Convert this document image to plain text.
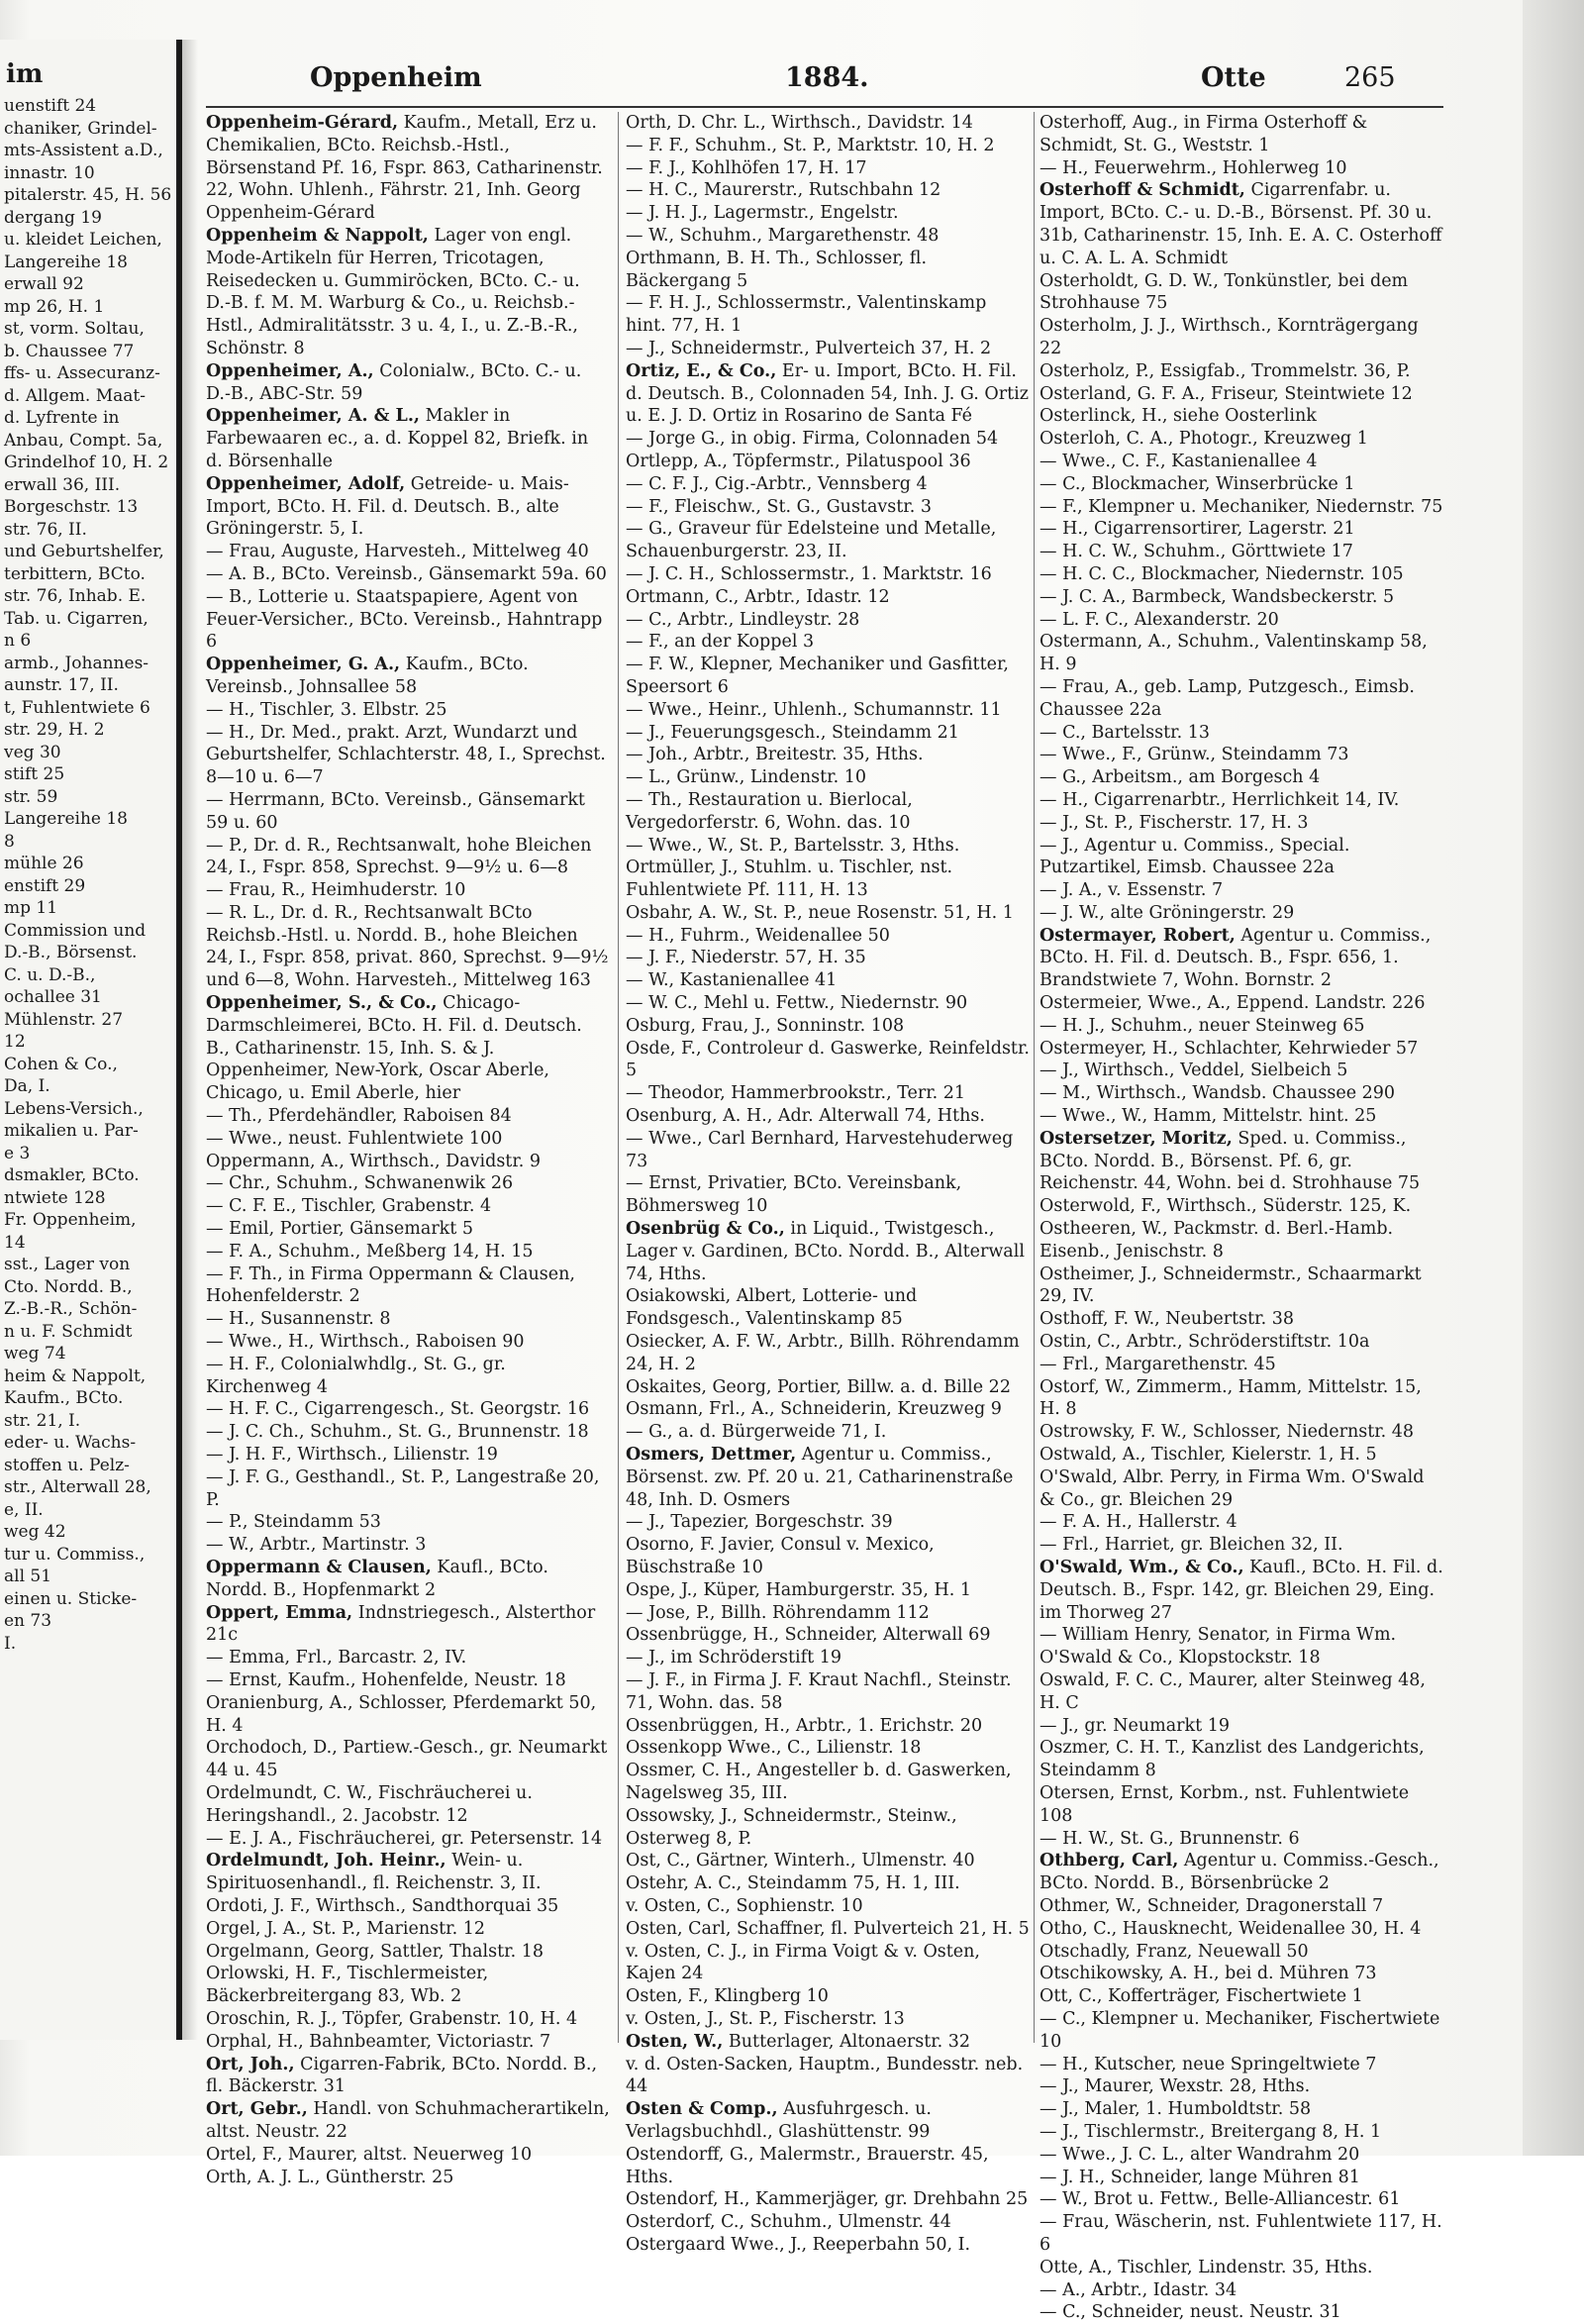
im
uenstift 24
chaniker, Grindel-
mts-Assistent a.D.,
innastr. 10
pitalerstr. 45, H. 56
dergang 19
u. kleidet Leichen,
Langereihe 18
erwall 92
mp 26, H. 1
st, vorm. Soltau,
b. Chaussee 77
ffs- u. Assecuranz-
d. Allgem. Maat-
d. Lyfrente in
Anbau, Compt. 5a,
Grindelhof 10, H. 2
erwall 36, III.
Borgeschstr. 13
str. 76, II.
und Geburtshelfer,
terbittern, BCto.
str. 76, Inhab. E.
Tab. u. Cigarren,
n 6
armb., Johannes-
aunstr. 17, II.
t, Fuhlentwiete 6
str. 29, H. 2
veg 30
stift 25
str. 59
Langereihe 18
8
mühle 26
enstift 29
mp 11
Commission und
D.-B., Börsenst.
C. u. D.-B.,
ochallee 31
Mühlenstr. 27
12
Cohen & Co.,
Da, I.
Lebens-Versich.,
mikalien u. Par-
e 3
dsmakler, BCto.
ntwiete 128
Fr. Oppenheim,
14
sst., Lager von
Cto. Nordd. B.,
Z.-B.-R., Schön-
n u. F. Schmidt
weg 74
heim & Nappolt,
Kaufm., BCto.
str. 21, I.
eder- u. Wachs-
stoffen u. Pelz-
str., Alterwall 28,
e, II.
weg 42
tur u. Commiss.,
all 51
einen u. Sticke-
en 73
I.
Oppenheim	1884.	Otte	265
Oppenheim-Gérard, Kaufm., Metall, Erz u. Chemikalien, BCto. Reichsb.-Hstl., Börsenstand Pf. 16, Fspr. 863, Catharinenstr. 22, Wohn. Uhlenh., Fährstr. 21, Inh. Georg Oppenheim-Gérard
Oppenheim & Nappolt, Lager von engl. Mode-Artikeln für Herren, Tricotagen, Reisedecken u. Gummiröcken, BCto. C.- u. D.-B. f. M. M. Warburg & Co., u. Reichsb.-Hstl., Admiralitätsstr. 3 u. 4, I., u. Z.-B.-R., Schönstr. 8
Oppenheimer, A., Colonialw., BCto. C.- u. D.-B., ABC-Str. 59
Oppenheimer, A. & L., Makler in Farbewaaren ec., a. d. Koppel 82, Briefk. in d. Börsenhalle
Oppenheimer, Adolf, Getreide- u. Mais-Import, BCto. H. Fil. d. Deutsch. B., alte Gröningerstr. 5, I.
— Frau, Auguste, Harvesteh., Mittelweg 40
— A. B., BCto. Vereinsb., Gänsemarkt 59a. 60
— B., Lotterie u. Staatspapiere, Agent von Feuer-Versicher., BCto. Vereinsb., Hahntrapp 6
Oppenheimer, G. A., Kaufm., BCto. Vereinsb., Johnsallee 58
— H., Tischler, 3. Elbstr. 25
— H., Dr. Med., prakt. Arzt, Wundarzt und Geburtshelfer, Schlachterstr. 48, I., Sprechst. 8—10 u. 6—7
— Herrmann, BCto. Vereinsb., Gänsemarkt 59 u. 60
— P., Dr. d. R., Rechtsanwalt, hohe Bleichen 24, I., Fspr. 858, Sprechst. 9—9½ u. 6—8
— Frau, R., Heimhuderstr. 10
— R. L., Dr. d. R., Rechtsanwalt BCto Reichsb.-Hstl. u. Nordd. B., hohe Bleichen 24, I., Fspr. 858, privat. 860, Sprechst. 9—9½ und 6—8, Wohn. Harvesteh., Mittelweg 163
Oppenheimer, S., & Co., Chicago-Darmschleimerei, BCto. H. Fil. d. Deutsch. B., Catharinenstr. 15, Inh. S. & J. Oppenheimer, New-York, Oscar Aberle, Chicago, u. Emil Aberle, hier
— Th., Pferdehändler, Raboisen 84
— Wwe., neust. Fuhlentwiete 100
Oppermann, A., Wirthsch., Davidstr. 9
— Chr., Schuhm., Schwanenwik 26
— C. F. E., Tischler, Grabenstr. 4
— Emil, Portier, Gänsemarkt 5
— F. A., Schuhm., Meßberg 14, H. 15
— F. Th., in Firma Oppermann & Clausen, Hohenfelderstr. 2
— H., Susannenstr. 8
— Wwe., H., Wirthsch., Raboisen 90
— H. F., Colonialwhdlg., St. G., gr. Kirchenweg 4
— H. F. C., Cigarrengesch., St. Georgstr. 16
— J. C. Ch., Schuhm., St. G., Brunnenstr. 18
— J. H. F., Wirthsch., Lilienstr. 19
— J. F. G., Gesthandl., St. P., Langestraße 20, P.
— P., Steindamm 53
— W., Arbtr., Martinstr. 3
Oppermann & Clausen, Kaufl., BCto. Nordd. B., Hopfenmarkt 2
Oppert, Emma, Indnstriegesch., Alsterthor 21c
— Emma, Frl., Barcastr. 2, IV.
— Ernst, Kaufm., Hohenfelde, Neustr. 18
Oranienburg, A., Schlosser, Pferdemarkt 50, H. 4
Orchodoch, D., Partiew.-Gesch., gr. Neumarkt 44 u. 45
Ordelmundt, C. W., Fischräucherei u. Heringshandl., 2. Jacobstr. 12
— E. J. A., Fischräucherei, gr. Petersenstr. 14
Ordelmundt, Joh. Heinr., Wein- u. Spirituosenhandl., fl. Reichenstr. 3, II.
Ordoti, J. F., Wirthsch., Sandthorquai 35
Orgel, J. A., St. P., Marienstr. 12
Orgelmann, Georg, Sattler, Thalstr. 18
Orlowski, H. F., Tischlermeister, Bäckerbreitergang 83, Wb. 2
Oroschin, R. J., Töpfer, Grabenstr. 10, H. 4
Orphal, H., Bahnbeamter, Victoriastr. 7
Ort, Joh., Cigarren-Fabrik, BCto. Nordd. B., fl. Bäckerstr. 31
Ort, Gebr., Handl. von Schuhmacherartikeln, altst. Neustr. 22
Ortel, F., Maurer, altst. Neuerweg 10
Orth, A. J. L., Güntherstr. 25
Orth, D. Chr. L., Wirthsch., Davidstr. 14
— F. F., Schuhm., St. P., Marktstr. 10, H. 2
— F. J., Kohlhöfen 17, H. 17
— H. C., Maurerstr., Rutschbahn 12
— J. H. J., Lagermstr., Engelstr.
— W., Schuhm., Margarethenstr. 48
Orthmann, B. H. Th., Schlosser, fl. Bäckergang 5
— F. H. J., Schlossermstr., Valentinskamp hint. 77, H. 1
— J., Schneidermstr., Pulverteich 37, H. 2
Ortiz, E., & Co., Er- u. Import, BCto. H. Fil. d. Deutsch. B., Colonnaden 54, Inh. J. G. Ortiz u. E. J. D. Ortiz in Rosarino de Santa Fé
— Jorge G., in obig. Firma, Colonnaden 54
Ortlepp, A., Töpfermstr., Pilatuspool 36
— C. F. J., Cig.-Arbtr., Vennsberg 4
— F., Fleischw., St. G., Gustavstr. 3
— G., Graveur für Edelsteine und Metalle, Schauenburgerstr. 23, II.
— J. C. H., Schlossermstr., 1. Marktstr. 16
Ortmann, C., Arbtr., Idastr. 12
— C., Arbtr., Lindleystr. 28
— F., an der Koppel 3
— F. W., Klepner, Mechaniker und Gasfitter, Speersort 6
— Wwe., Heinr., Uhlenh., Schumannstr. 11
— J., Feuerungsgesch., Steindamm 21
— Joh., Arbtr., Breitestr. 35, Hths.
— L., Grünw., Lindenstr. 10
— Th., Restauration u. Bierlocal, Vergedorferstr. 6, Wohn. das. 10
— Wwe., W., St. P., Bartelsstr. 3, Hths.
Ortmüller, J., Stuhlm. u. Tischler, nst. Fuhlentwiete Pf. 111, H. 13
Osbahr, A. W., St. P., neue Rosenstr. 51, H. 1
— H., Fuhrm., Weidenallee 50
— J. F., Niederstr. 57, H. 35
— W., Kastanienallee 41
— W. C., Mehl u. Fettw., Niedernstr. 90
Osburg, Frau, J., Sonninstr. 108
Osde, F., Controleur d. Gaswerke, Reinfeldstr. 5
— Theodor, Hammerbrookstr., Terr. 21
Osenburg, A. H., Adr. Alterwall 74, Hths.
— Wwe., Carl Bernhard, Harvestehuderweg 73
— Ernst, Privatier, BCto. Vereinsbank, Böhmersweg 10
Osenbrüg & Co., in Liquid., Twistgesch., Lager v. Gardinen, BCto. Nordd. B., Alterwall 74, Hths.
Osiakowski, Albert, Lotterie- und Fondsgesch., Valentinskamp 85
Osiecker, A. F. W., Arbtr., Billh. Röhrendamm 24, H. 2
Oskaites, Georg, Portier, Billw. a. d. Bille 22
Osmann, Frl., A., Schneiderin, Kreuzweg 9
— G., a. d. Bürgerweide 71, I.
Osmers, Dettmer, Agentur u. Commiss., Börsenst. zw. Pf. 20 u. 21, Catharinenstraße 48, Inh. D. Osmers
— J., Tapezier, Borgeschstr. 39
Osorno, F. Javier, Consul v. Mexico, Büschstraße 10
Ospe, J., Küper, Hamburgerstr. 35, H. 1
— Jose, P., Billh. Röhrendamm 112
Ossenbrügge, H., Schneider, Alterwall 69
— J., im Schröderstift 19
— J. F., in Firma J. F. Kraut Nachfl., Steinstr. 71, Wohn. das. 58
Ossenbrüggen, H., Arbtr., 1. Erichstr. 20
Ossenkopp Wwe., C., Lilienstr. 18
Ossmer, C. H., Angesteller b. d. Gaswerken, Nagelsweg 35, III.
Ossowsky, J., Schneidermstr., Steinw., Osterweg 8, P.
Ost, C., Gärtner, Winterh., Ulmenstr. 40
Ostehr, A. C., Steindamm 75, H. 1, III.
v. Osten, C., Sophienstr. 10
Osten, Carl, Schaffner, fl. Pulverteich 21, H. 5
v. Osten, C. J., in Firma Voigt & v. Osten, Kajen 24
Osten, F., Klingberg 10
v. Osten, J., St. P., Fischerstr. 13
Osten, W., Butterlager, Altonaerstr. 32
v. d. Osten-Sacken, Hauptm., Bundesstr. neb. 44
Osten & Comp., Ausfuhrgesch. u. Verlagsbuchhdl., Glashüttenstr. 99
Ostendorff, G., Malermstr., Brauerstr. 45, Hths.
Ostendorf, H., Kammerjäger, gr. Drehbahn 25
Osterdorf, C., Schuhm., Ulmenstr. 44
Ostergaard Wwe., J., Reeperbahn 50, I.
Osterhoff, Aug., in Firma Osterhoff & Schmidt, St. G., Weststr. 1
— H., Feuerwehrm., Hohlerweg 10
Osterhoff & Schmidt, Cigarrenfabr. u. Import, BCto. C.- u. D.-B., Börsenst. Pf. 30 u. 31b, Catharinenstr. 15, Inh. E. A. C. Osterhoff u. C. A. L. A. Schmidt
Osterholdt, G. D. W., Tonkünstler, bei dem Strohhause 75
Osterholm, J. J., Wirthsch., Kornträgergang 22
Osterholz, P., Essigfab., Trommelstr. 36, P.
Osterland, G. F. A., Friseur, Steintwiete 12
Osterlinck, H., siehe Oosterlink
Osterloh, C. A., Photogr., Kreuzweg 1
— Wwe., C. F., Kastanienallee 4
— C., Blockmacher, Winserbrücke 1
— F., Klempner u. Mechaniker, Niedernstr. 75
— H., Cigarrensortirer, Lagerstr. 21
— H. C. W., Schuhm., Görttwiete 17
— H. C. C., Blockmacher, Niedernstr. 105
— J. C. A., Barmbeck, Wandsbeckerstr. 5
— L. F. C., Alexanderstr. 20
Ostermann, A., Schuhm., Valentinskamp 58, H. 9
— Frau, A., geb. Lamp, Putzgesch., Eimsb. Chaussee 22a
— C., Bartelsstr. 13
— Wwe., F., Grünw., Steindamm 73
— G., Arbeitsm., am Borgesch 4
— H., Cigarrenarbtr., Herrlichkeit 14, IV.
— J., St. P., Fischerstr. 17, H. 3
— J., Agentur u. Commiss., Special. Putzartikel, Eimsb. Chaussee 22a
— J. A., v. Essenstr. 7
— J. W., alte Gröningerstr. 29
Ostermayer, Robert, Agentur u. Commiss., BCto. H. Fil. d. Deutsch. B., Fspr. 656, 1. Brandstwiete 7, Wohn. Bornstr. 2
Ostermeier, Wwe., A., Eppend. Landstr. 226
— H. J., Schuhm., neuer Steinweg 65
Ostermeyer, H., Schlachter, Kehrwieder 57
— J., Wirthsch., Veddel, Sielbeich 5
— M., Wirthsch., Wandsb. Chaussee 290
— Wwe., W., Hamm, Mittelstr. hint. 25
Ostersetzer, Moritz, Sped. u. Commiss., BCto. Nordd. B., Börsenst. Pf. 6, gr. Reichenstr. 44, Wohn. bei d. Strohhause 75
Osterwold, F., Wirthsch., Süderstr. 125, K.
Ostheeren, W., Packmstr. d. Berl.-Hamb. Eisenb., Jenischstr. 8
Ostheimer, J., Schneidermstr., Schaarmarkt 29, IV.
Osthoff, F. W., Neubertstr. 38
Ostin, C., Arbtr., Schröderstiftstr. 10a
— Frl., Margarethenstr. 45
Ostorf, W., Zimmerm., Hamm, Mittelstr. 15, H. 8
Ostrowsky, F. W., Schlosser, Niedernstr. 48
Ostwald, A., Tischler, Kielerstr. 1, H. 5
O'Swald, Albr. Perry, in Firma Wm. O'Swald & Co., gr. Bleichen 29
— F. A. H., Hallerstr. 4
— Frl., Harriet, gr. Bleichen 32, II.
O'Swald, Wm., & Co., Kaufl., BCto. H. Fil. d. Deutsch. B., Fspr. 142, gr. Bleichen 29, Eing. im Thorweg 27
— William Henry, Senator, in Firma Wm. O'Swald & Co., Klopstockstr. 18
Oswald, F. C. C., Maurer, alter Steinweg 48, H. C
— J., gr. Neumarkt 19
Oszmer, C. H. T., Kanzlist des Landgerichts, Steindamm 8
Otersen, Ernst, Korbm., nst. Fuhlentwiete 108
— H. W., St. G., Brunnenstr. 6
Othberg, Carl, Agentur u. Commiss.-Gesch., BCto. Nordd. B., Börsenbrücke 2
Othmer, W., Schneider, Dragonerstall 7
Otho, C., Hausknecht, Weidenallee 30, H. 4
Otschadly, Franz, Neuewall 50
Otschikowsky, A. H., bei d. Mühren 73
Ott, C., Kofferträger, Fischertwiete 1
— C., Klempner u. Mechaniker, Fischertwiete 10
— H., Kutscher, neue Springeltwiete 7
— J., Maurer, Wexstr. 28, Hths.
— J., Maler, 1. Humboldtstr. 58
— J., Tischlermstr., Breitergang 8, H. 1
— Wwe., J. C. L., alter Wandrahm 20
— J. H., Schneider, lange Mühren 81
— W., Brot u. Fettw., Belle-Alliancestr. 61
— Frau, Wäscherin, nst. Fuhlentwiete 117, H. 6
Otte, A., Tischler, Lindenstr. 35, Hths.
— A., Arbtr., Idastr. 34
— C., Schneider, neust. Neustr. 31
